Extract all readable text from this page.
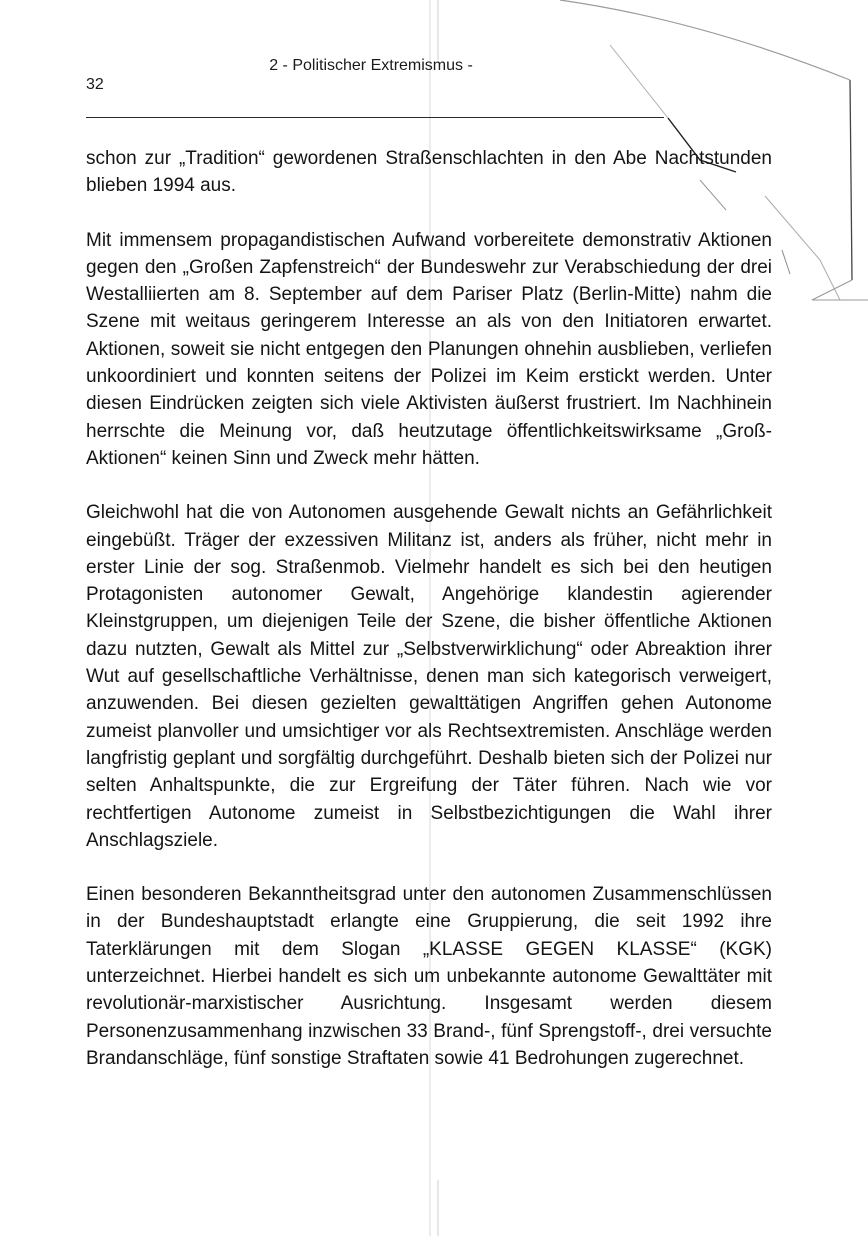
32
2 - Politischer Extremismus -

schon zur „Tradition“ gewordenen Straßenschlachten in den Abe Nachtstunden blieben 1994 aus.

Mit immensem propagandistischen Aufwand vorbereitete demonstrativ Aktionen gegen den „Großen Zapfenstreich“ der Bundeswehr zur Verabschiedung der drei Westalliierten am 8. September auf dem Pariser Platz (Berlin-Mitte) nahm die Szene mit weitaus geringerem Interesse an als von den Initiatoren erwartet. Aktionen, soweit sie nicht entgegen den Planungen ohnehin ausblieben, verliefen unkoordiniert und konnten seitens der Polizei im Keim erstickt werden. Unter diesen Eindrücken zeigten sich viele Aktivisten äußerst frustriert. Im Nachhinein herrschte die Meinung vor, daß heutzutage öffentlichkeitswirksame „Groß-Aktionen“ keinen Sinn und Zweck mehr hätten.

Gleichwohl hat die von Autonomen ausgehende Gewalt nichts an Gefährlichkeit eingebüßt. Träger der exzessiven Militanz ist, anders als früher, nicht mehr in erster Linie der sog. Straßenmob. Vielmehr handelt es sich bei den heutigen Protagonisten autonomer Gewalt, Angehörige klandestin agierender Kleinstgruppen, um diejenigen Teile der Szene, die bisher öffentliche Aktionen dazu nutzten, Gewalt als Mittel zur „Selbstverwirklichung“ oder Abreaktion ihrer Wut auf gesellschaftliche Verhältnisse, denen man sich kategorisch verweigert, anzuwenden. Bei diesen gezielten gewalttätigen Angriffen gehen Autonome zumeist planvoller und umsichtiger vor als Rechtsextremisten. Anschläge werden langfristig geplant und sorgfältig durchgeführt. Deshalb bieten sich der Polizei nur selten Anhaltspunkte, die zur Ergreifung der Täter führen. Nach wie vor rechtfertigen Autonome zumeist in Selbstbezichtigungen die Wahl ihrer Anschlagsziele.

Einen besonderen Bekanntheitsgrad unter den autonomen Zusammenschlüssen in der Bundeshauptstadt erlangte eine Gruppierung, die seit 1992 ihre Taterklärungen mit dem Slogan „KLASSE GEGEN KLASSE“ (KGK) unterzeichnet. Hierbei handelt es sich um unbekannte autonome Gewalttäter mit revolutionär-marxistischer Ausrichtung. Insgesamt werden diesem Personenzusammenhang inzwischen 33 Brand-, fünf Sprengstoff-, drei versuchte Brandanschläge, fünf sonstige Straftaten sowie 41 Bedrohungen zugerechnet.
